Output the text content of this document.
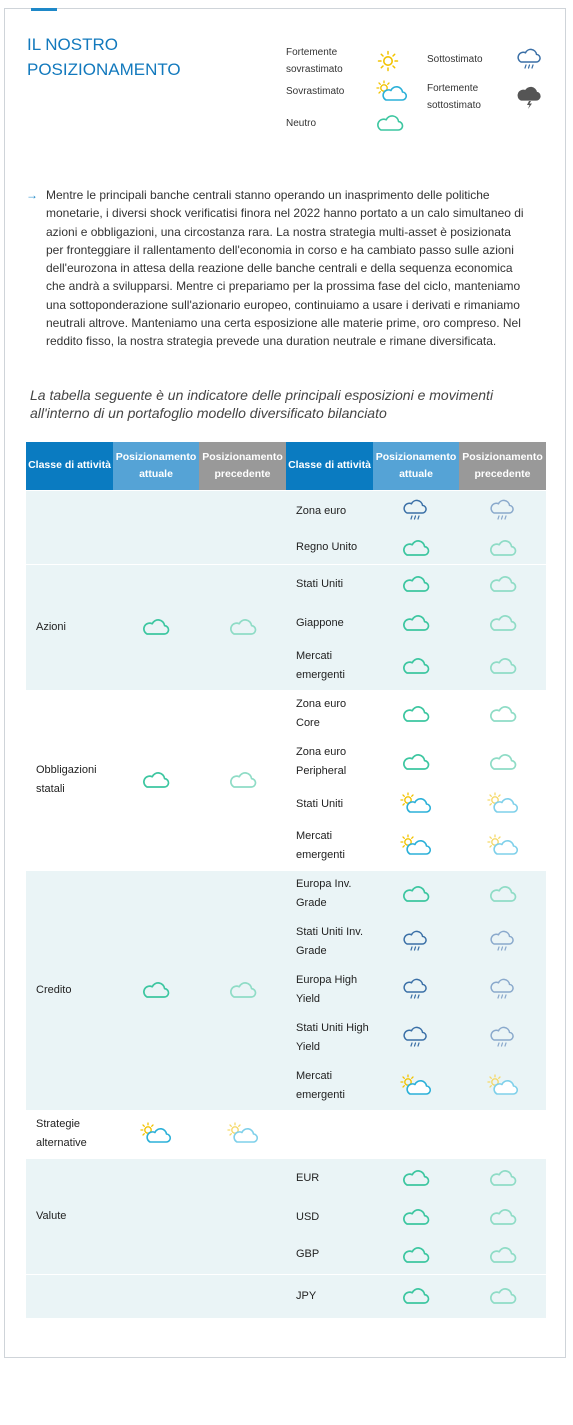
IL NOSTRO POSIZIONAMENTO
Fortemente sovrastimato
Sovrastimato
Neutro
Sottostimato
Fortemente sottostimato
→ Mentre le principali banche centrali stanno operando un inasprimento delle politiche monetarie, i diversi shock verificatisi finora nel 2022 hanno portato a un calo simultaneo di azioni e obbligazioni, una circostanza rara. La nostra strategia multi-asset è posizionata per fronteggiare il rallentamento dell'economia in corso e ha cambiato passo sulle azioni dell'eurozona in attesa della reazione delle banche centrali e della sequenza economica che andrà a svilupparsi. Mentre ci prepariamo per la prossima fase del ciclo, manteniamo una sottoponderazione sull'azionario europeo, continuiamo a usare i derivati e rimaniamo neutrali altrove. Manteniamo una certa esposizione alle materie prime, oro compreso. Nel reddito fisso, la nostra strategia prevede una duration neutrale e rimane diversificata.

La tabella seguente è un indicatore delle principali esposizioni e movimenti all'interno di un portafoglio modello diversificato bilanciato
Classe di attività	Posizionamento attuale	Posizionamento precedente	Classe di attività	Posizionamento attuale	Posizionamento precedente
			Zona euro		
			Regno Unito		
Azioni			Stati Uniti		
			Giappone		
			Mercati emergenti		
Obbligazioni statali			Zona euro Core		
			Zona euro Peripheral		
			Stati Uniti		
			Mercati emergenti		
Credito			Europa Inv. Grade		
			Stati Uniti Inv. Grade		
			Europa High Yield		
			Stati Uniti High Yield		
			Mercati emergenti		
Strategie alternative					
Valute			EUR		
			USD		
			GBP		
			JPY		
